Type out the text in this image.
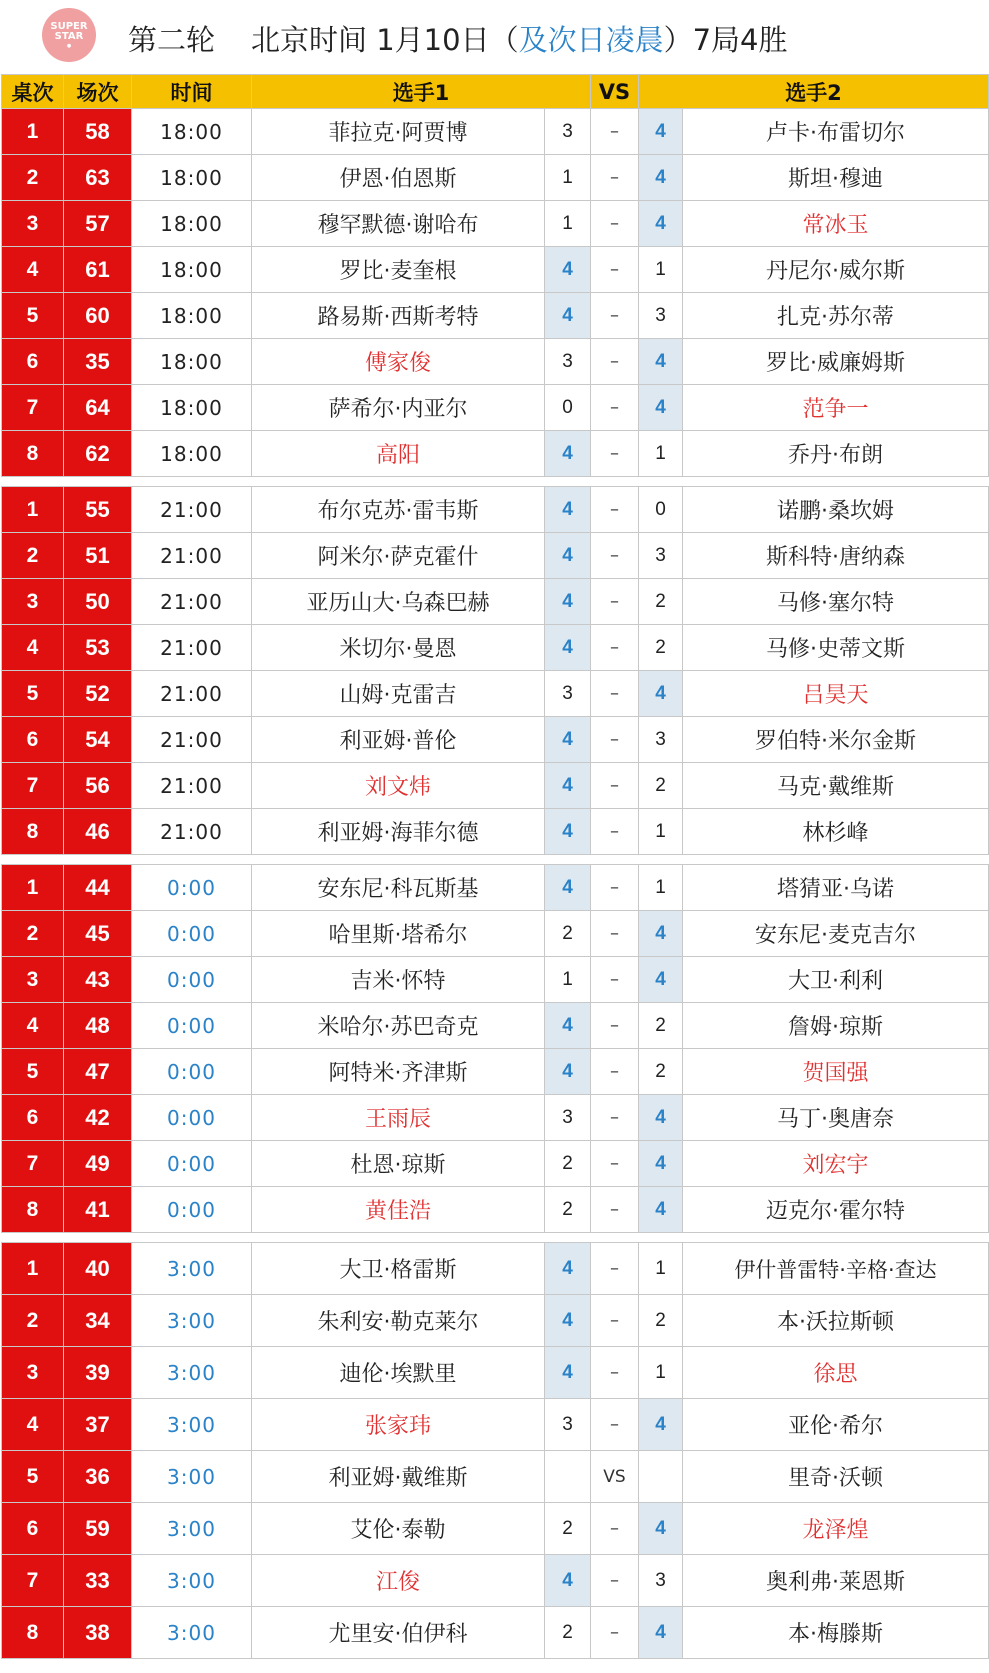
SUPER
STAR
● 第二轮 北京时间 1月10日（及次日凌晨）7局4胜
桌次	场次	时间	选手1		VS	选手2	
1	58	18:00	菲拉克·阿贾博	3	–	4	卢卡·布雷切尔
2	63	18:00	伊恩·伯恩斯	1	–	4	斯坦·穆迪
3	57	18:00	穆罕默德·谢哈布	1	–	4	常冰玉
4	61	18:00	罗比·麦奎根	4	–	1	丹尼尔·威尔斯
5	60	18:00	路易斯·西斯考特	4	–	3	扎克·苏尔蒂
6	35	18:00	傅家俊	3	–	4	罗比·威廉姆斯
7	64	18:00	萨希尔·内亚尔	0	–	4	范争一
8	62	18:00	高阳	4	–	1	乔丹·布朗

1	55	21:00	布尔克苏·雷韦斯	4	–	0	诺鹏·桑坎姆
2	51	21:00	阿米尔·萨克霍什	4	–	3	斯科特·唐纳森
3	50	21:00	亚历山大·乌森巴赫	4	–	2	马修·塞尔特
4	53	21:00	米切尔·曼恩	4	–	2	马修·史蒂文斯
5	52	21:00	山姆·克雷吉	3	–	4	吕昊天
6	54	21:00	利亚姆·普伦	4	–	3	罗伯特·米尔金斯
7	56	21:00	刘文炜	4	–	2	马克·戴维斯
8	46	21:00	利亚姆·海菲尔德	4	–	1	林杉峰

1	44	0:00	安东尼·科瓦斯基	4	–	1	塔猜亚·乌诺
2	45	0:00	哈里斯·塔希尔	2	–	4	安东尼·麦克吉尔
3	43	0:00	吉米·怀特	1	–	4	大卫·利利
4	48	0:00	米哈尔·苏巴奇克	4	–	2	詹姆·琼斯
5	47	0:00	阿特米·齐津斯	4	–	2	贺国强
6	42	0:00	王雨辰	3	–	4	马丁·奥唐奈
7	49	0:00	杜恩·琼斯	2	–	4	刘宏宇
8	41	0:00	黄佳浩	2	–	4	迈克尔·霍尔特

1	40	3:00	大卫·格雷斯	4	–	1	伊什普雷特·辛格·查达
2	34	3:00	朱利安·勒克莱尔	4	–	2	本·沃拉斯顿
3	39	3:00	迪伦·埃默里	4	–	1	徐思
4	37	3:00	张家玮	3	–	4	亚伦·希尔
5	36	3:00	利亚姆·戴维斯		VS		里奇·沃顿
6	59	3:00	艾伦·泰勒	2	–	4	龙泽煌
7	33	3:00	江俊	4	–	3	奥利弗·莱恩斯
8	38	3:00	尤里安·伯伊科	2	–	4	本·梅滕斯
